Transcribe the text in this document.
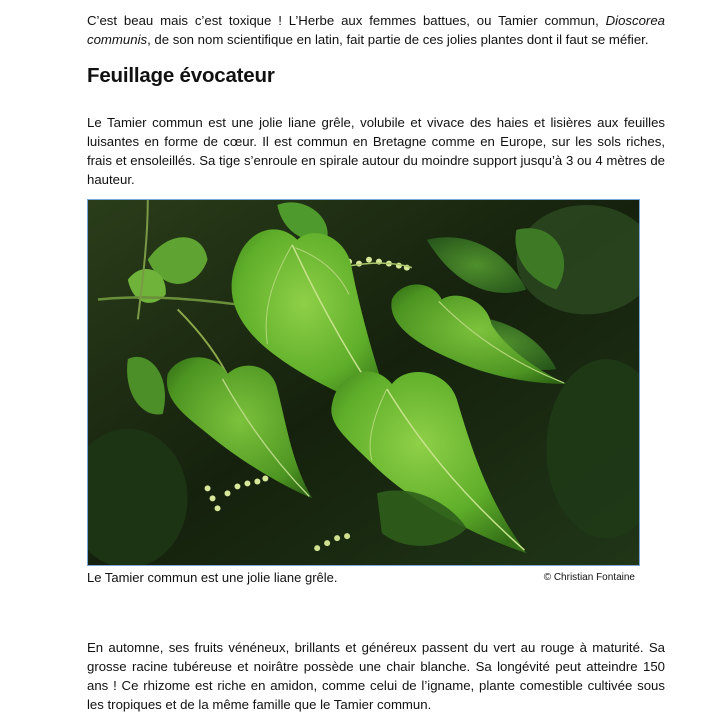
C’est beau mais c’est toxique ! L’Herbe aux femmes battues, ou Tamier commun, Dioscorea communis, de son nom scientifique en latin, fait partie de ces jolies plantes dont il faut se méfier.

Feuillage évocateur

Le Tamier commun est une jolie liane grêle, volubile et vivace des haies et lisières aux feuilles luisantes en forme de cœur. Il est commun en Bretagne comme en Europe, sur les sols riches, frais et ensoleillés. Sa tige s’enroule en spirale autour du moindre support jusqu’à 3 ou 4 mètres de hauteur.

Le Tamier commun est une jolie liane grêle.	© Christian Fontaine

En automne, ses fruits vénéneux, brillants et généreux passent du vert au rouge à maturité. Sa grosse racine tubéreuse et noirâtre possède une chair blanche. Sa longévité peut atteindre 150 ans ! Ce rhizome est riche en amidon, comme celui de l’igname, plante comestible cultivée sous les tropiques et de la même famille que le Tamier commun.
